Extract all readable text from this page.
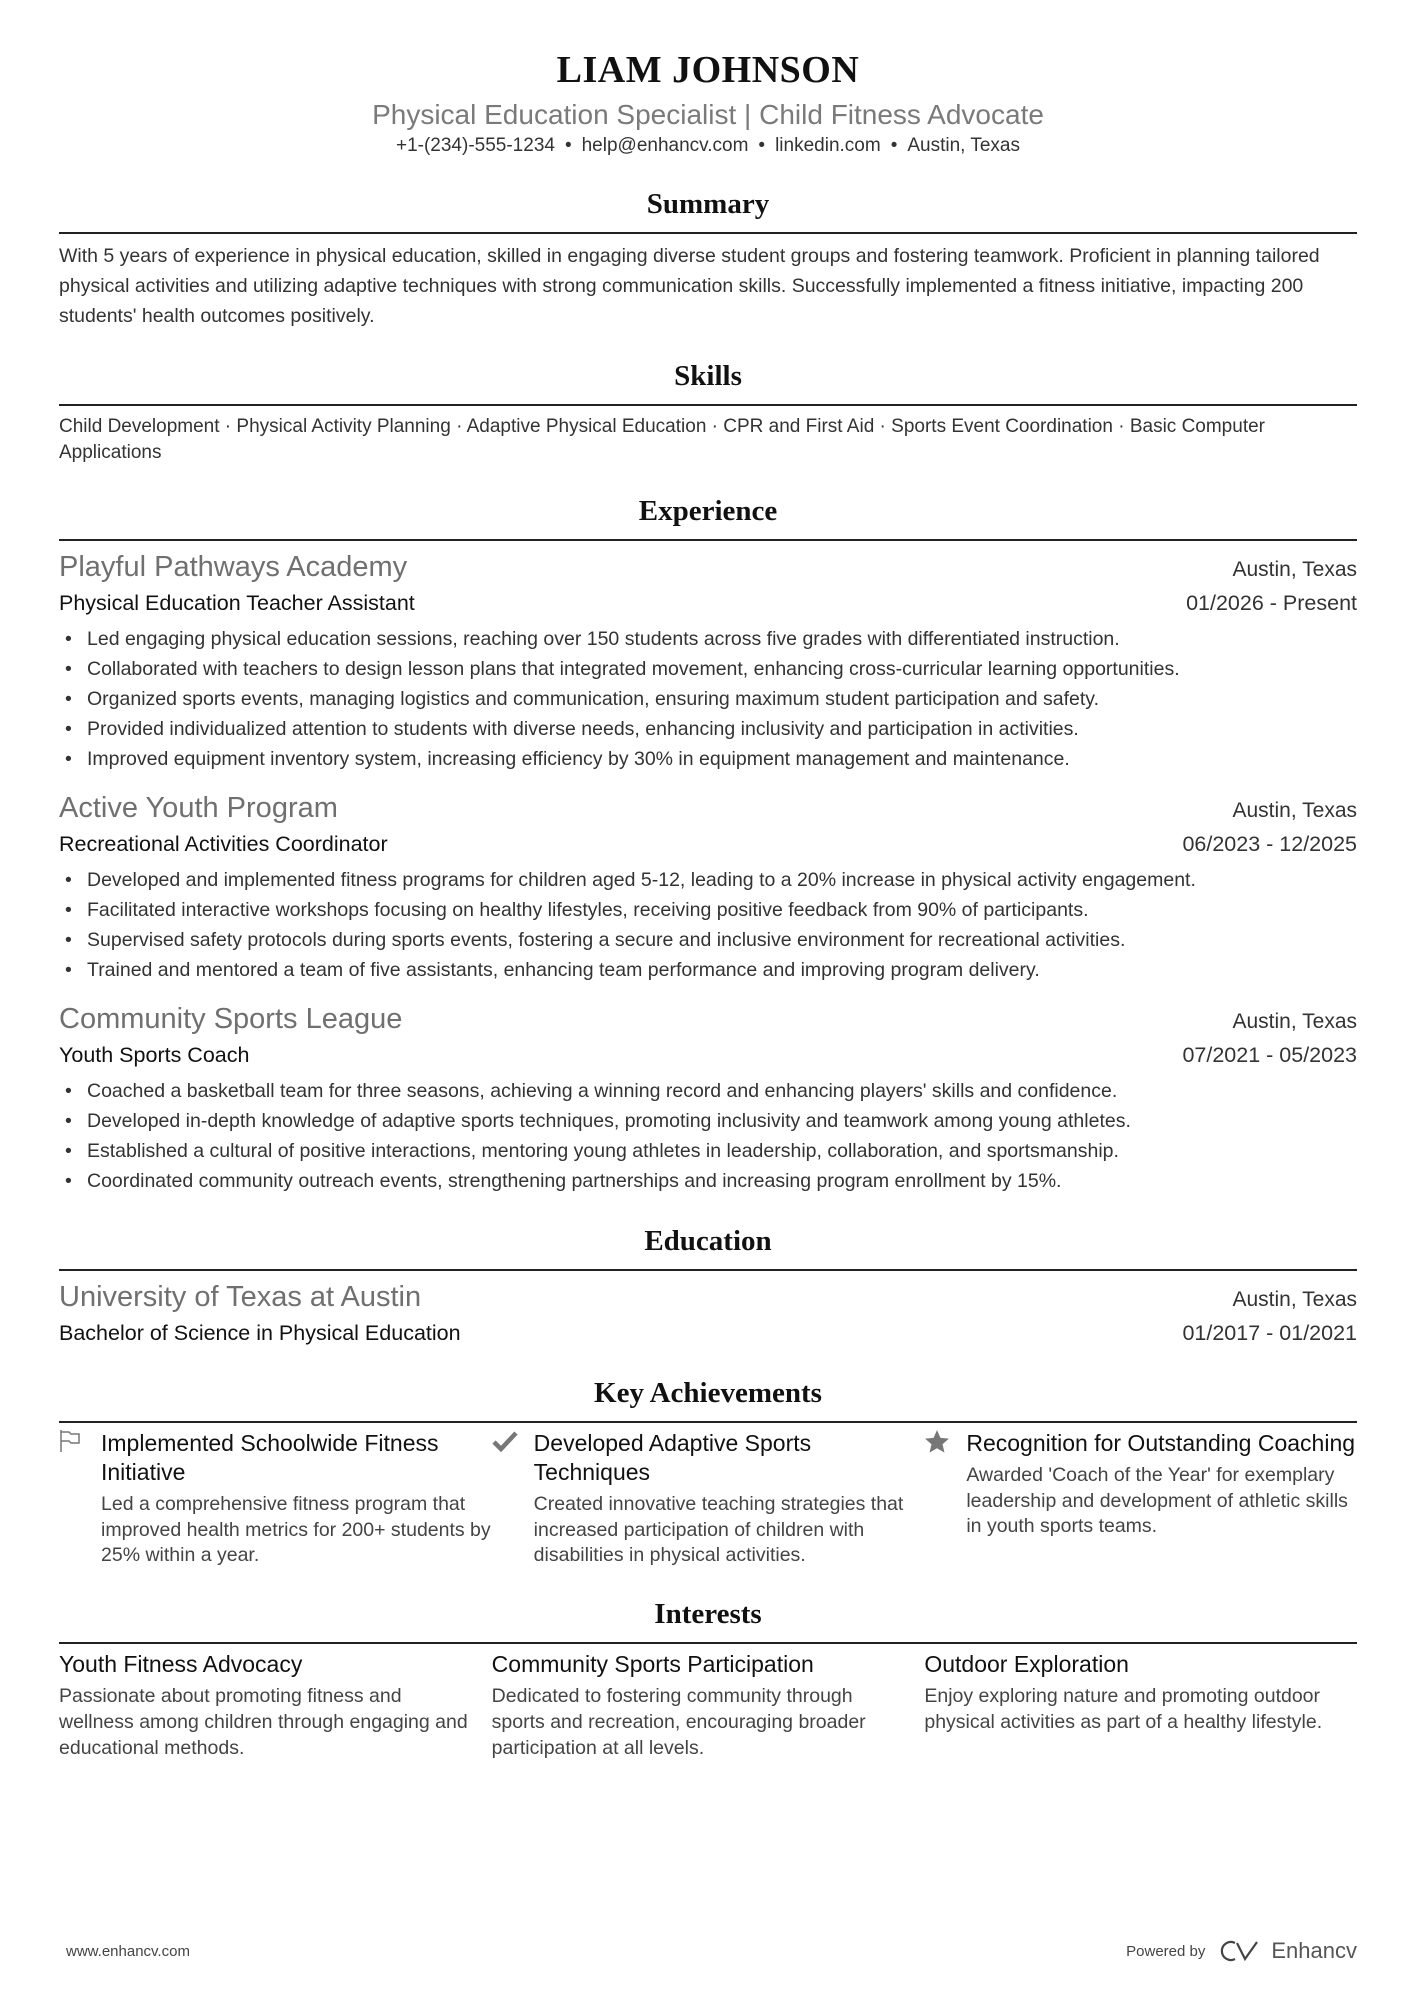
LIAM JOHNSON
Physical Education Specialist | Child Fitness Advocate
+1-(234)-555-1234 • help@enhancv.com • linkedin.com • Austin, Texas
Summary
With 5 years of experience in physical education, skilled in engaging diverse student groups and fostering teamwork. Proficient in planning tailored physical activities and utilizing adaptive techniques with strong communication skills. Successfully implemented a fitness initiative, impacting 200 students' health outcomes positively.
Skills
Child Development · Physical Activity Planning · Adaptive Physical Education · CPR and First Aid · Sports Event Coordination · Basic Computer Applications
Experience
Playful Pathways Academy	Austin, Texas
Physical Education Teacher Assistant	01/2026 - Present
• Led engaging physical education sessions, reaching over 150 students across five grades with differentiated instruction.
• Collaborated with teachers to design lesson plans that integrated movement, enhancing cross-curricular learning opportunities.
• Organized sports events, managing logistics and communication, ensuring maximum student participation and safety.
• Provided individualized attention to students with diverse needs, enhancing inclusivity and participation in activities.
• Improved equipment inventory system, increasing efficiency by 30% in equipment management and maintenance.
Active Youth Program	Austin, Texas
Recreational Activities Coordinator	06/2023 - 12/2025
• Developed and implemented fitness programs for children aged 5-12, leading to a 20% increase in physical activity engagement.
• Facilitated interactive workshops focusing on healthy lifestyles, receiving positive feedback from 90% of participants.
• Supervised safety protocols during sports events, fostering a secure and inclusive environment for recreational activities.
• Trained and mentored a team of five assistants, enhancing team performance and improving program delivery.
Community Sports League	Austin, Texas
Youth Sports Coach	07/2021 - 05/2023
• Coached a basketball team for three seasons, achieving a winning record and enhancing players' skills and confidence.
• Developed in-depth knowledge of adaptive sports techniques, promoting inclusivity and teamwork among young athletes.
• Established a cultural of positive interactions, mentoring young athletes in leadership, collaboration, and sportsmanship.
• Coordinated community outreach events, strengthening partnerships and increasing program enrollment by 15%.
Education
University of Texas at Austin	Austin, Texas
Bachelor of Science in Physical Education	01/2017 - 01/2021
Key Achievements
Implemented Schoolwide Fitness Initiative
Led a comprehensive fitness program that improved health metrics for 200+ students by 25% within a year.
Developed Adaptive Sports Techniques
Created innovative teaching strategies that increased participation of children with disabilities in physical activities.
Recognition for Outstanding Coaching
Awarded 'Coach of the Year' for exemplary leadership and development of athletic skills in youth sports teams.
Interests
Youth Fitness Advocacy
Passionate about promoting fitness and wellness among children through engaging and educational methods.
Community Sports Participation
Dedicated to fostering community through sports and recreation, encouraging broader participation at all levels.
Outdoor Exploration
Enjoy exploring nature and promoting outdoor physical activities as part of a healthy lifestyle.
www.enhancv.com	Powered by	Enhancv
